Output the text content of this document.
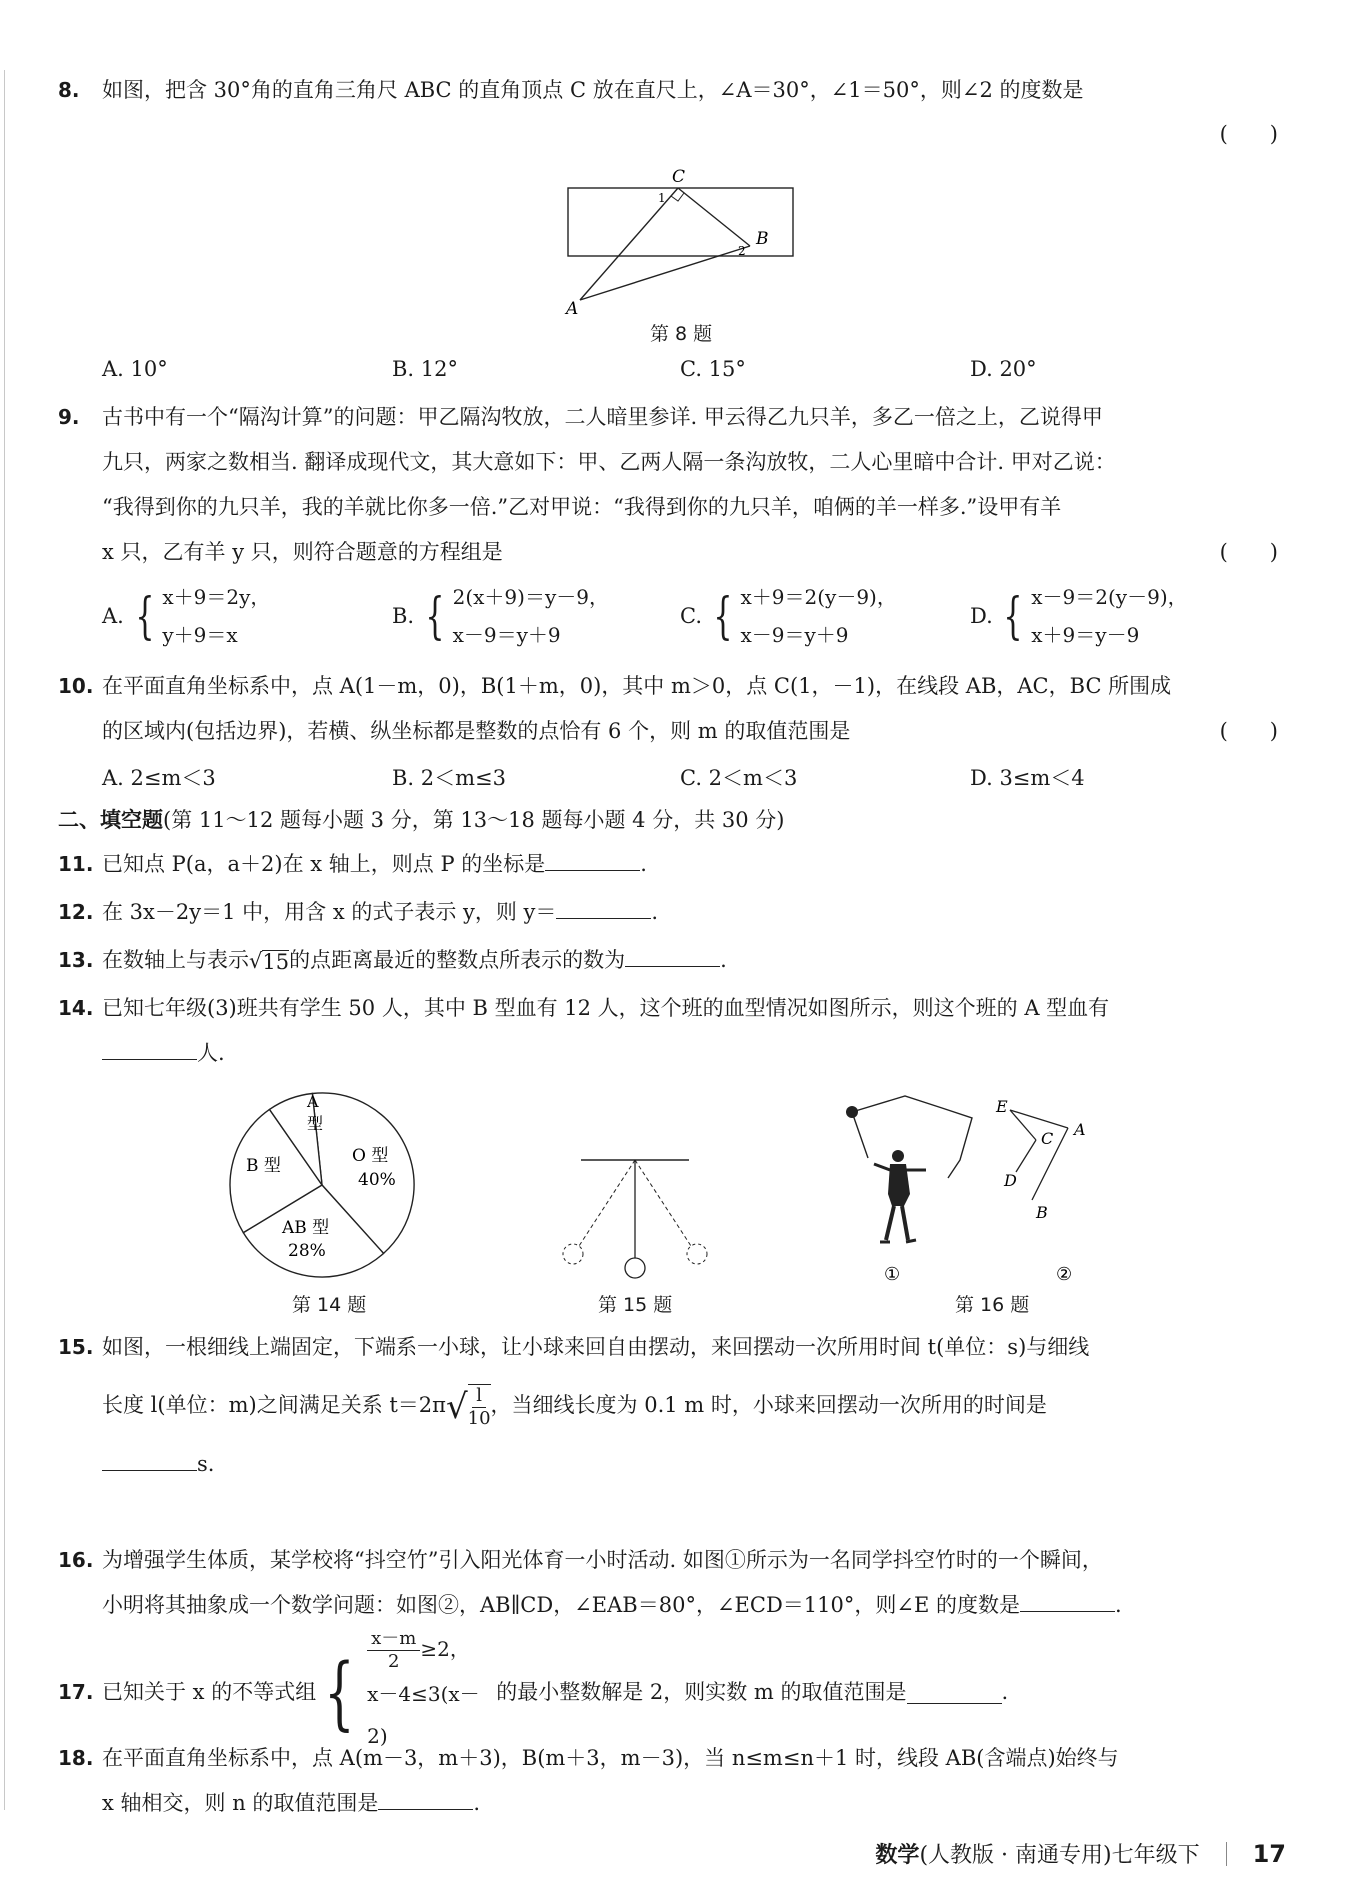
8. 如图，把含 30°角的直角三角尺 ABC 的直角顶点 C 放在直尺上，∠A＝30°，∠1＝50°，则∠2 的度数是
(　　)
C
B
A
1
2
第 8 题
A. 10°	B. 12°	C. 15°	D. 20°
9. 古书中有一个“隔沟计算”的问题：甲乙隔沟牧放，二人暗里参详. 甲云得乙九只羊，多乙一倍之上，乙说得甲
九只，两家之数相当. 翻译成现代文，其大意如下：甲、乙两人隔一条沟放牧，二人心里暗中合计. 甲对乙说：
“我得到你的九只羊，我的羊就比你多一倍.”乙对甲说：“我得到你的九只羊，咱俩的羊一样多.”设甲有羊
x 只，乙有羊 y 只，则符合题意的方程组是	(　　)
A.
{ x＋9＝2y，
y＋9＝x
B.
{ 2(x＋9)＝y－9，
x－9＝y＋9
C.
{ x＋9＝2(y－9)，
x－9＝y＋9
D.
{ x－9＝2(y－9)，
x＋9＝y－9
10. 在平面直角坐标系中，点 A(1－m，0)，B(1＋m，0)，其中 m＞0，点 C(1，－1)，在线段 AB，AC，BC 所围成
的区域内(包括边界)，若横、纵坐标都是整数的点恰有 6 个，则 m 的取值范围是	(　　)
A. 2≤m＜3	B. 2＜m≤3	C. 2＜m＜3	D. 3≤m＜4
二、填空题(第 11～12 题每小题 3 分，第 13～18 题每小题 4 分，共 30 分)
11. 已知点 P(a，a＋2)在 x 轴上，则点 P 的坐标是	.
12. 在 3x－2y＝1 中，用含 x 的式子表示 y，则 y＝	.
13. 在数轴上与表示 √ 15 的点距离最近的整数点所表示的数为	.
14. 已知七年级(3)班共有学生 50 人，其中 B 型血有 12 人，这个班的血型情况如图所示，则这个班的 A 型血有
人.
O 型
40%
AB 型
28%
B 型
A
型
第 14 题	第 15 题
E
C A
D
B
①	②
第 16 题
15. 如图，一根细线上端固定，下端系一小球，让小球来回自由摆动，来回摆动一次所用时间 t(单位：s)与细线
长度 l(单位：m)之间满足关系 t＝2π √ $\frac{l}{10}$ ，当细线长度为 0.1 m 时，小球来回摆动一次所用的时间是
s.
16. 为增强学生体质，某学校将“抖空竹”引入阳光体育一小时活动. 如图①所示为一名同学抖空竹时的一个瞬间，
小明将其抽象成一个数学问题：如图②，AB∥CD，∠EAB＝80°，∠ECD＝110°，则∠E 的度数是	.
17. 已知关于 x 的不等式组 { $\frac{x-m}{2} \ge 2$，
x－4≤3(x－2)
的最小整数解是 2，则实数 m 的取值范围是	.
18. 在平面直角坐标系中，点 A(m－3，m＋3)，B(m＋3，m－3)，当 n≤m≤n＋1 时，线段 AB(含端点)始终与
x 轴相交，则 n 的取值范围是	.
数学 (人教版 · 南通专用)七年级下 17
